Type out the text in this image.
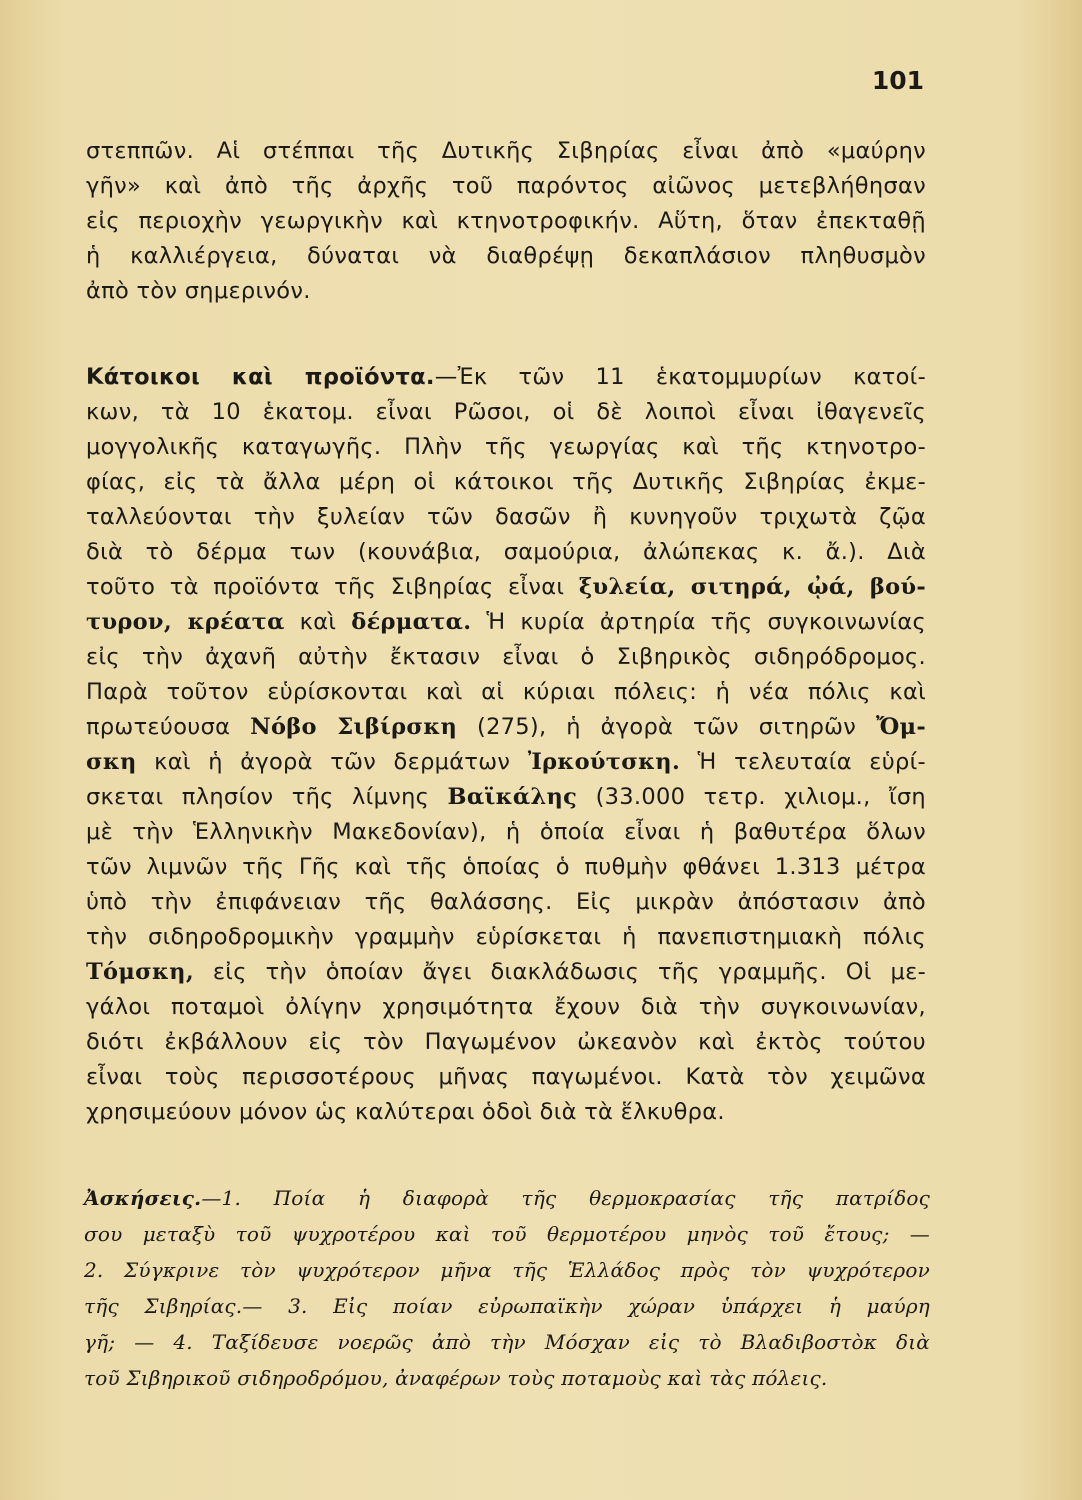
101
στεππῶν. Αἱ στέππαι τῆς Δυτικῆς Σιβηρίας εἶναι ἀπὸ «μαύρην
γῆν» καὶ ἀπὸ τῆς ἀρχῆς τοῦ παρόντος αἰῶνος μετεβλήθησαν
εἰς περιοχὴν γεωργικὴν καὶ κτηνοτροφικήν. Αὕτη, ὅταν ἐπεκταθῇ
ἡ καλλιέργεια, δύναται νὰ διαθρέψῃ δεκαπλάσιον πληθυσμὸν
ἀπὸ τὸν σημερινόν.
Κάτοικοι καὶ προϊόντα.—Ἐκ τῶν 11 ἑκατομμυρίων κατοί-
κων, τὰ 10 ἑκατομ. εἶναι Ρῶσοι, οἱ δὲ λοιποὶ εἶναι ἰθαγενεῖς
μογγολικῆς καταγωγῆς. Πλὴν τῆς γεωργίας καὶ τῆς κτηνοτρο-
φίας, εἰς τὰ ἄλλα μέρη οἱ κάτοικοι τῆς Δυτικῆς Σιβηρίας ἐκμε-
ταλλεύονται τὴν ξυλείαν τῶν δασῶν ἢ κυνηγοῦν τριχωτὰ ζῷα
διὰ τὸ δέρμα των (κουνάβια, σαμούρια, ἀλώπεκας κ. ἄ.). Διὰ
τοῦτο τὰ προϊόντα τῆς Σιβηρίας εἶναι ξυλεία, σιτηρά, ᾠά, βού-
τυρον, κρέατα καὶ δέρματα. Ἡ κυρία ἀρτηρία τῆς συγκοινωνίας
εἰς τὴν ἀχανῆ αὐτὴν ἔκτασιν εἶναι ὁ Σιβηρικὸς σιδηρόδρομος.
Παρὰ τοῦτον εὑρίσκονται καὶ αἱ κύριαι πόλεις: ἡ νέα πόλις καὶ
πρωτεύουσα Νόβο Σιβίρσκη (275), ἡ ἀγορὰ τῶν σιτηρῶν Ὄμ-
σκη καὶ ἡ ἀγορὰ τῶν δερμάτων Ἰρκούτσκη. Ἡ τελευταία εὑρί-
σκεται πλησίον τῆς λίμνης Βαϊκάλης (33.000 τετρ. χιλιομ., ἴση
μὲ τὴν Ἑλληνικὴν Μακεδονίαν), ἡ ὁποία εἶναι ἡ βαθυτέρα ὅλων
τῶν λιμνῶν τῆς Γῆς καὶ τῆς ὁποίας ὁ πυθμὴν φθάνει 1.313 μέτρα
ὑπὸ τὴν ἐπιφάνειαν τῆς θαλάσσης. Εἰς μικρὰν ἀπόστασιν ἀπὸ
τὴν σιδηροδρομικὴν γραμμὴν εὑρίσκεται ἡ πανεπιστημιακὴ πόλις
Τόμσκη, εἰς τὴν ὁποίαν ἄγει διακλάδωσις τῆς γραμμῆς. Οἱ με-
γάλοι ποταμοὶ ὀλίγην χρησιμότητα ἔχουν διὰ τὴν συγκοινωνίαν,
διότι ἐκβάλλουν εἰς τὸν Παγωμένον ὠκεανὸν καὶ ἐκτὸς τούτου
εἶναι τοὺς περισσοτέρους μῆνας παγωμένοι. Κατὰ τὸν χειμῶνα
χρησιμεύουν μόνον ὡς καλύτεραι ὁδοὶ διὰ τὰ ἕλκυθρα.
Ἀσκήσεις.—1. Ποία ἡ διαφορὰ τῆς θερμοκρασίας τῆς πατρίδος
σου μεταξὺ τοῦ ψυχροτέρου καὶ τοῦ θερμοτέρου μηνὸς τοῦ ἔτους; —
2. Σύγκρινε τὸν ψυχρότερον μῆνα τῆς Ἑλλάδος πρὸς τὸν ψυχρότερον
τῆς Σιβηρίας.— 3. Εἰς ποίαν εὐρωπαϊκὴν χώραν ὑπάρχει ἡ μαύρη
γῆ; — 4. Ταξίδευσε νοερῶς ἀπὸ τὴν Μόσχαν εἰς τὸ Βλαδιβοστὸκ διὰ
τοῦ Σιβηρικοῦ σιδηροδρόμου, ἀναφέρων τοὺς ποταμοὺς καὶ τὰς πόλεις.
